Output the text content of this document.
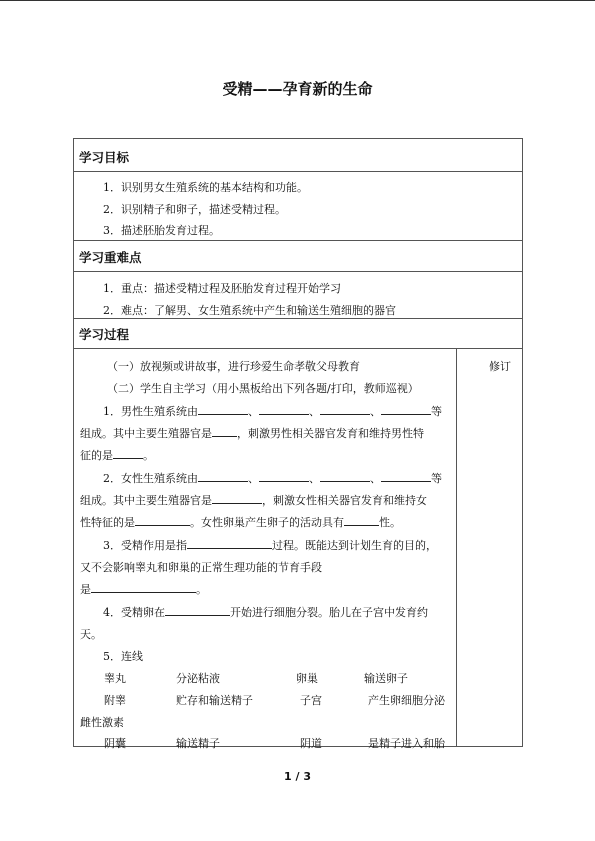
受精——孕育新的生命
学习目标
1．识别男女生殖系统的基本结构和功能。
2．识别精子和卵子，描述受精过程。
3．描述胚胎发育过程。
学习重难点
1．重点：描述受精过程及胚胎发育过程开始学习
2．难点：了解男、女生殖系统中产生和输送生殖细胞的器官
学习过程
修订
（一）放视频或讲故事，进行珍爱生命孝敬父母教育
（二）学生自主学习（用小黑板给出下列各题/打印，教师巡视）
1．男性生殖系统由	、	、	、	等
组成。其中主要生殖器官是 ，刺激男性相关器官发育和维持男性特
征的是	。
2．女性生殖系统由	、	、	、	等
组成。其中主要生殖器官是	，刺激女性相关器官发育和维持女
性特征的是	。女性卵巢产生卵子的活动具有	性。
3．受精作用是指	过程。既能达到计划生育的目的，
又不会影响睾丸和卵巢的正常生理功能的节育手段
是	。
4．受精卵在	开始进行细胞分裂。胎儿在子宫中发育约
天。
5．连线
睾丸	分泌粘液	卵巢	输送卵子
附睾	贮存和输送精子	子宫	产生卵细胞分泌
雌性激素
阴囊	输送精子	阴道	是精子进入和胎
1 / 3
